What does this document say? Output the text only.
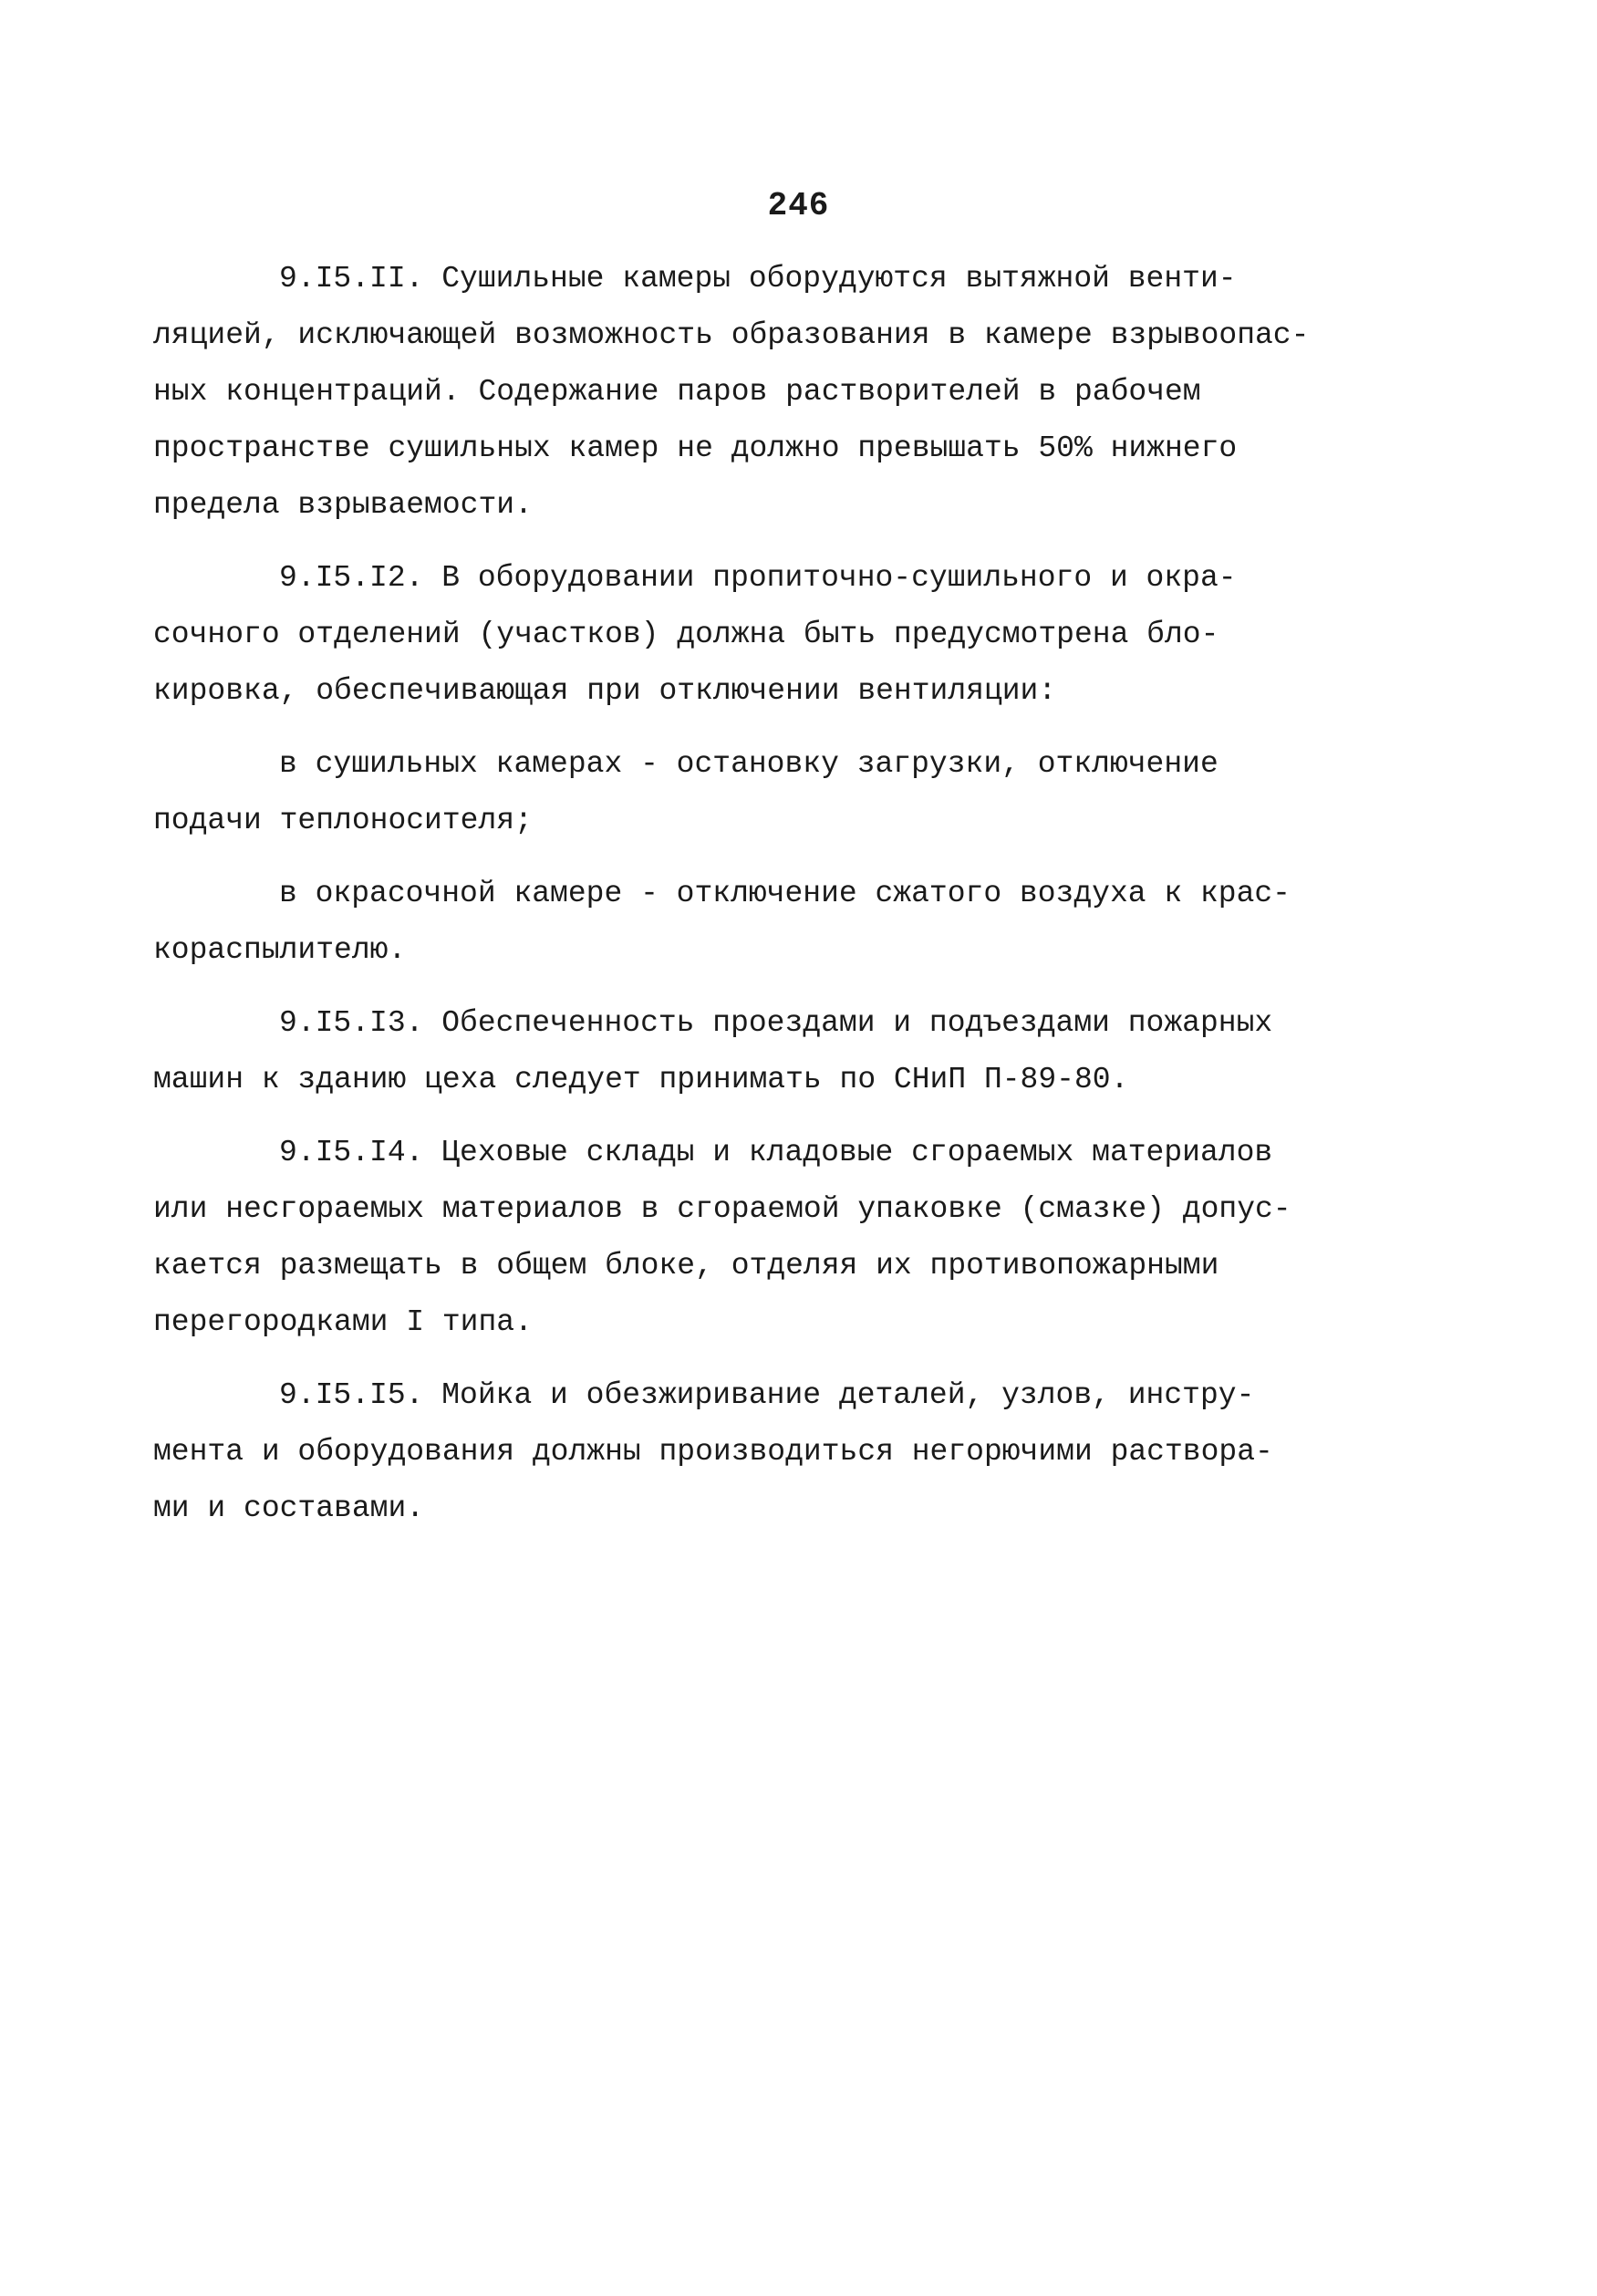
246
9.I5.II. Сушильные камеры оборудуются вытяжной венти-
ляцией, исключающей возможность образования в камере взрывоопас-
ных концентраций. Содержание паров растворителей в рабочем
пространстве сушильных камер не должно превышать 50% нижнего
предела взрываемости.
9.I5.I2. В оборудовании пропиточно-сушильного и окра-
сочного отделений (участков) должна быть предусмотрена бло-
кировка, обеспечивающая при отключении вентиляции:
в сушильных камерах - остановку загрузки, отключение
подачи теплоносителя;
в окрасочной камере - отключение сжатого воздуха к крас-
кораспылителю.
9.I5.I3. Обеспеченность проездами и подъездами пожарных
машин к зданию цеха следует принимать по СНиП П-89-80.
9.I5.I4. Цеховые склады и кладовые сгораемых материалов
или несгораемых материалов в сгораемой упаковке (смазке) допус-
кается размещать в общем блоке, отделяя их противопожарными
перегородками I типа.
9.I5.I5. Мойка и обезжиривание деталей, узлов, инстру-
мента и оборудования должны производиться негорючими раствора-
ми и составами.
